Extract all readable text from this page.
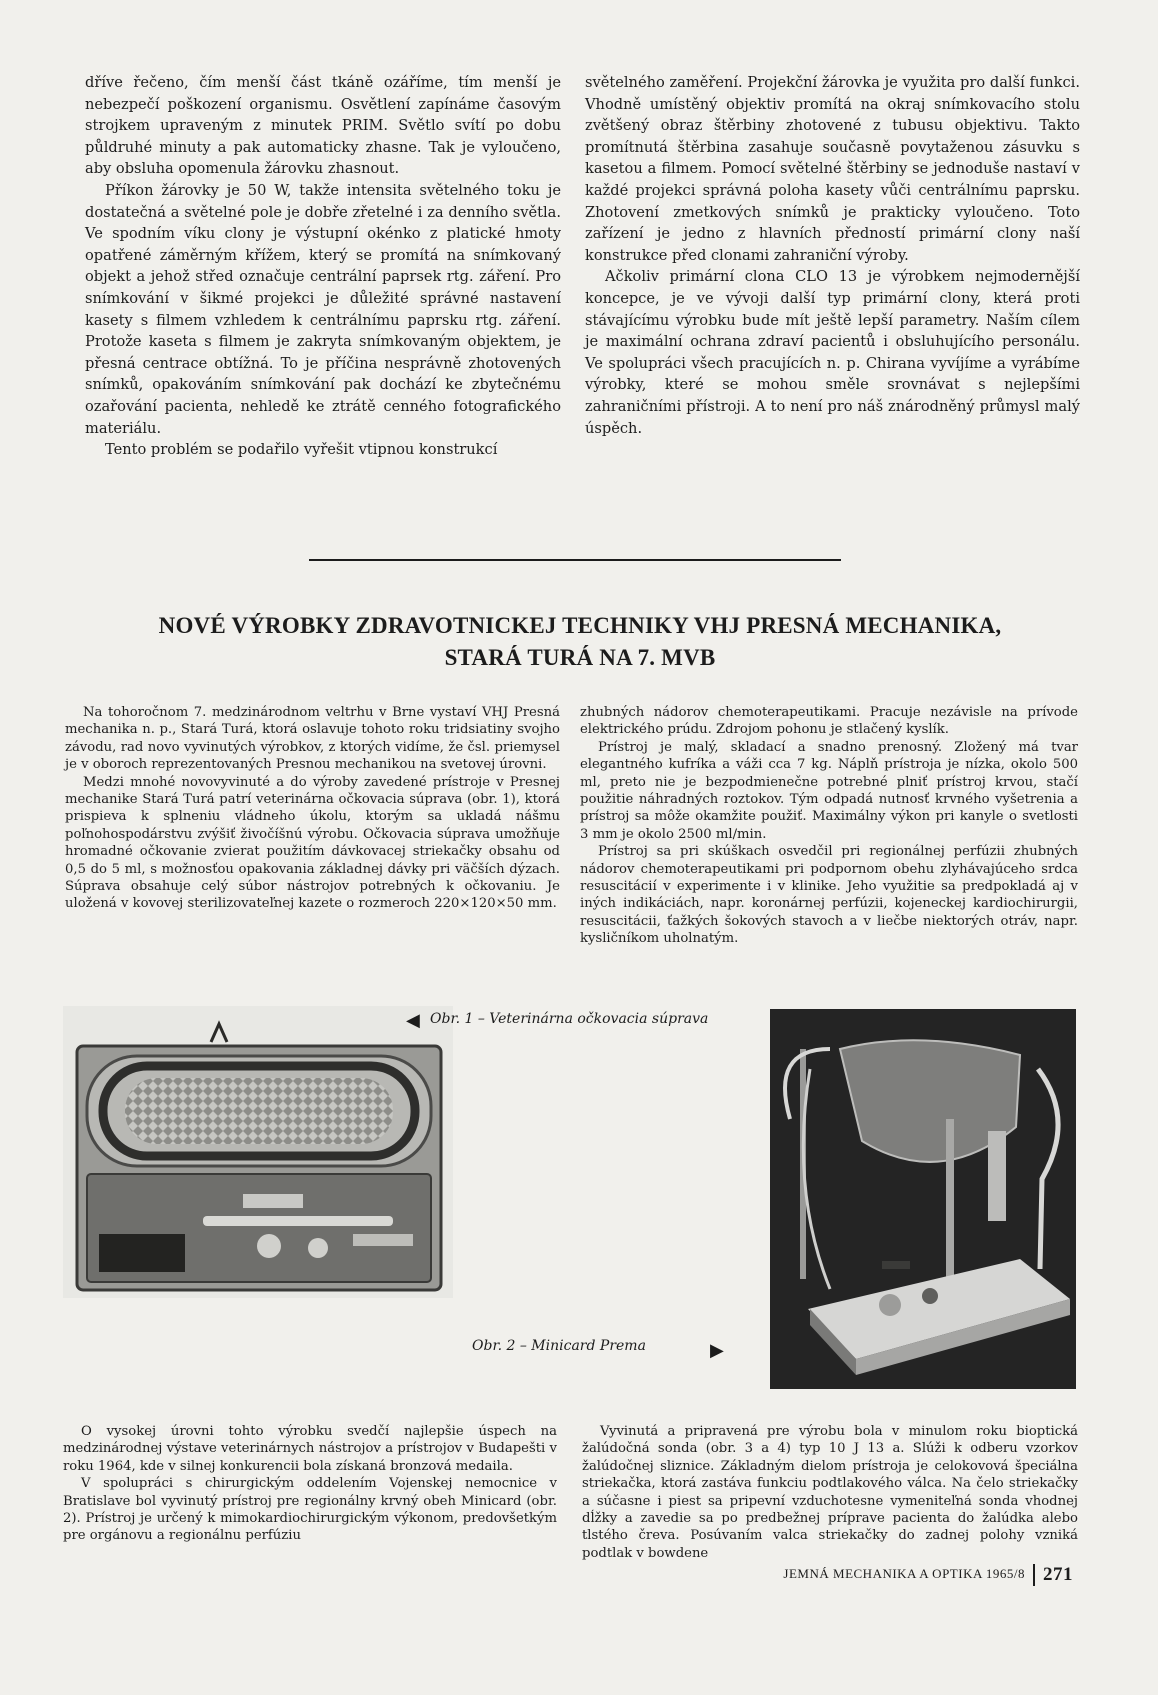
dříve řečeno, čím menší část tkáně ozáříme, tím menší je nebezpečí poškození organismu. Osvětlení zapínáme časovým strojkem upraveným z minutek PRIM. Světlo svítí po dobu půldruhé minuty a pak automaticky zhasne. Tak je vyloučeno, aby obsluha opomenula žárovku zhasnout.

Příkon žárovky je 50 W, takže intensita světelného toku je dostatečná a světelné pole je dobře zřetelné i za denního světla. Ve spodním víku clony je výstupní okénko z platické hmoty opatřené záměrným křížem, který se promítá na snímkovaný objekt a jehož střed označuje centrální paprsek rtg. záření. Pro snímkování v šikmé projekci je důležité správné nastavení kasety s filmem vzhledem k centrálnímu paprsku rtg. záření. Protože kaseta s filmem je zakryta snímkovaným objektem, je přesná centrace obtížná. To je příčina nesprávně zhotovených snímků, opakováním snímkování pak dochází ke zbytečnému ozařování pacienta, nehledě ke ztrátě cenného fotografického materiálu.

Tento problém se podařilo vyřešit vtipnou konstrukcí

světelného zaměření. Projekční žárovka je využita pro další funkci. Vhodně umístěný objektiv promítá na okraj snímkovacího stolu zvětšený obraz štěrbiny zhotovené z tubusu objektivu. Takto promítnutá štěrbina zasahuje současně povytaženou zásuvku s kasetou a filmem. Pomocí světelné štěrbiny se jednoduše nastaví v každé projekci správná poloha kasety vůči centrálnímu paprsku. Zhotovení zmetkových snímků je prakticky vyloučeno. Toto zařízení je jedno z hlavních předností primární clony naší konstrukce před clonami zahraniční výroby.

Ačkoliv primární clona CLO 13 je výrobkem nejmodernější koncepce, je ve vývoji další typ primární clony, která proti stávajícímu výrobku bude mít ještě lepší parametry. Naším cílem je maximální ochrana zdraví pacientů i obsluhujícího personálu. Ve spolupráci všech pracujících n. p. Chirana vyvíjíme a vyrábíme výrobky, které se mohou směle srovnávat s nejlepšími zahraničními přístroji. A to není pro náš znárodněný průmysl malý úspěch.

NOVÉ VÝROBKY ZDRAVOTNICKEJ TECHNIKY VHJ PRESNÁ MECHANIKA,
STARÁ TURÁ NA 7. MVB

Na tohoročnom 7. medzinárodnom veltrhu v Brne vystaví VHJ Presná mechanika n. p., Stará Turá, ktorá oslavuje tohoto roku tridsiatiny svojho závodu, rad novo vyvinutých výrobkov, z ktorých vidíme, že čsl. priemysel je v oboroch reprezentovaných Presnou mechanikou na svetovej úrovni.

Medzi mnohé novovyvinuté a do výroby zavedené prístroje v Presnej mechanike Stará Turá patrí veterinárna očkovacia súprava (obr. 1), ktorá prispieva k splneniu vládneho úkolu, ktorým sa ukladá nášmu poľnohospodárstvu zvýšiť živočíšnú výrobu. Očkovacia súprava umožňuje hromadné očkovanie zvierat použitím dávkovacej striekačky obsahu od 0,5 do 5 ml, s možnosťou opakovania základnej dávky pri väčších dýzach. Súprava obsahuje celý súbor nástrojov potrebných k očkovaniu. Je uložená v kovovej sterilizovateľnej kazete o rozmeroch 220×120×50 mm.

zhubných nádorov chemoterapeutikami. Pracuje nezávisle na prívode elektrického prúdu. Zdrojom pohonu je stlačený kyslík.

Prístroj je malý, skladací a snadno prenosný. Zložený má tvar elegantného kufríka a váži cca 7 kg. Náplň prístroja je nízka, okolo 500 ml, preto nie je bezpodmienečne potrebné plniť prístroj krvou, stačí použitie náhradných roztokov. Tým odpadá nutnosť krvného vyšetrenia a prístroj sa môže okamžite použiť. Maximálny výkon pri kanyle o svetlosti 3 mm je okolo 2500 ml/min.

Prístroj sa pri skúškach osvedčil pri regionálnej perfúzii zhubných nádorov chemoterapeutikami pri podpornom obehu zlyhávajúceho srdca resuscitácií v experimente i v klinike. Jeho využitie sa predpokladá aj v iných indikáciách, napr. koronárnej perfúzii, kojeneckej kardiochirurgii, resuscitácii, ťažkých šokových stavoch a v liečbe niektorých otráv, napr. kysličníkom uholnatým.

◀ Obr. 1 – Veterinárna očkovacia súprava
Obr. 2 – Minicard Prema	▶

O vysokej úrovni tohto výrobku svedčí najlepšie úspech na medzinárodnej výstave veterinárnych nástrojov a prístrojov v Budapešti v roku 1964, kde v silnej konkurencii bola získaná bronzová medaila.

V spolupráci s chirurgickým oddelením Vojenskej nemocnice v Bratislave bol vyvinutý prístroj pre regionálny krvný obeh Minicard (obr. 2). Prístroj je určený k mimokardiochirurgickým výkonom, predovšetkým pre orgánovu a regionálnu perfúziu

Vyvinutá a pripravená pre výrobu bola v minulom roku bioptická žalúdočná sonda (obr. 3 a 4) typ 10 J 13 a. Slúži k odberu vzorkov žalúdočnej sliznice. Základným dielom prístroja je celokovová špeciálna striekačka, ktorá zastáva funkciu podtlakového válca. Na čelo striekačky a súčasne i piest sa pripevní vzduchotesne vymeniteľná sonda vhodnej dĺžky a zavedie sa po predbežnej príprave pacienta do žalúdka alebo tlstého čreva. Posúvaním valca striekačky do zadnej polohy vzniká podtlak v bowdene

JEMNÁ MECHANIKA A OPTIKA 1965/8 271
